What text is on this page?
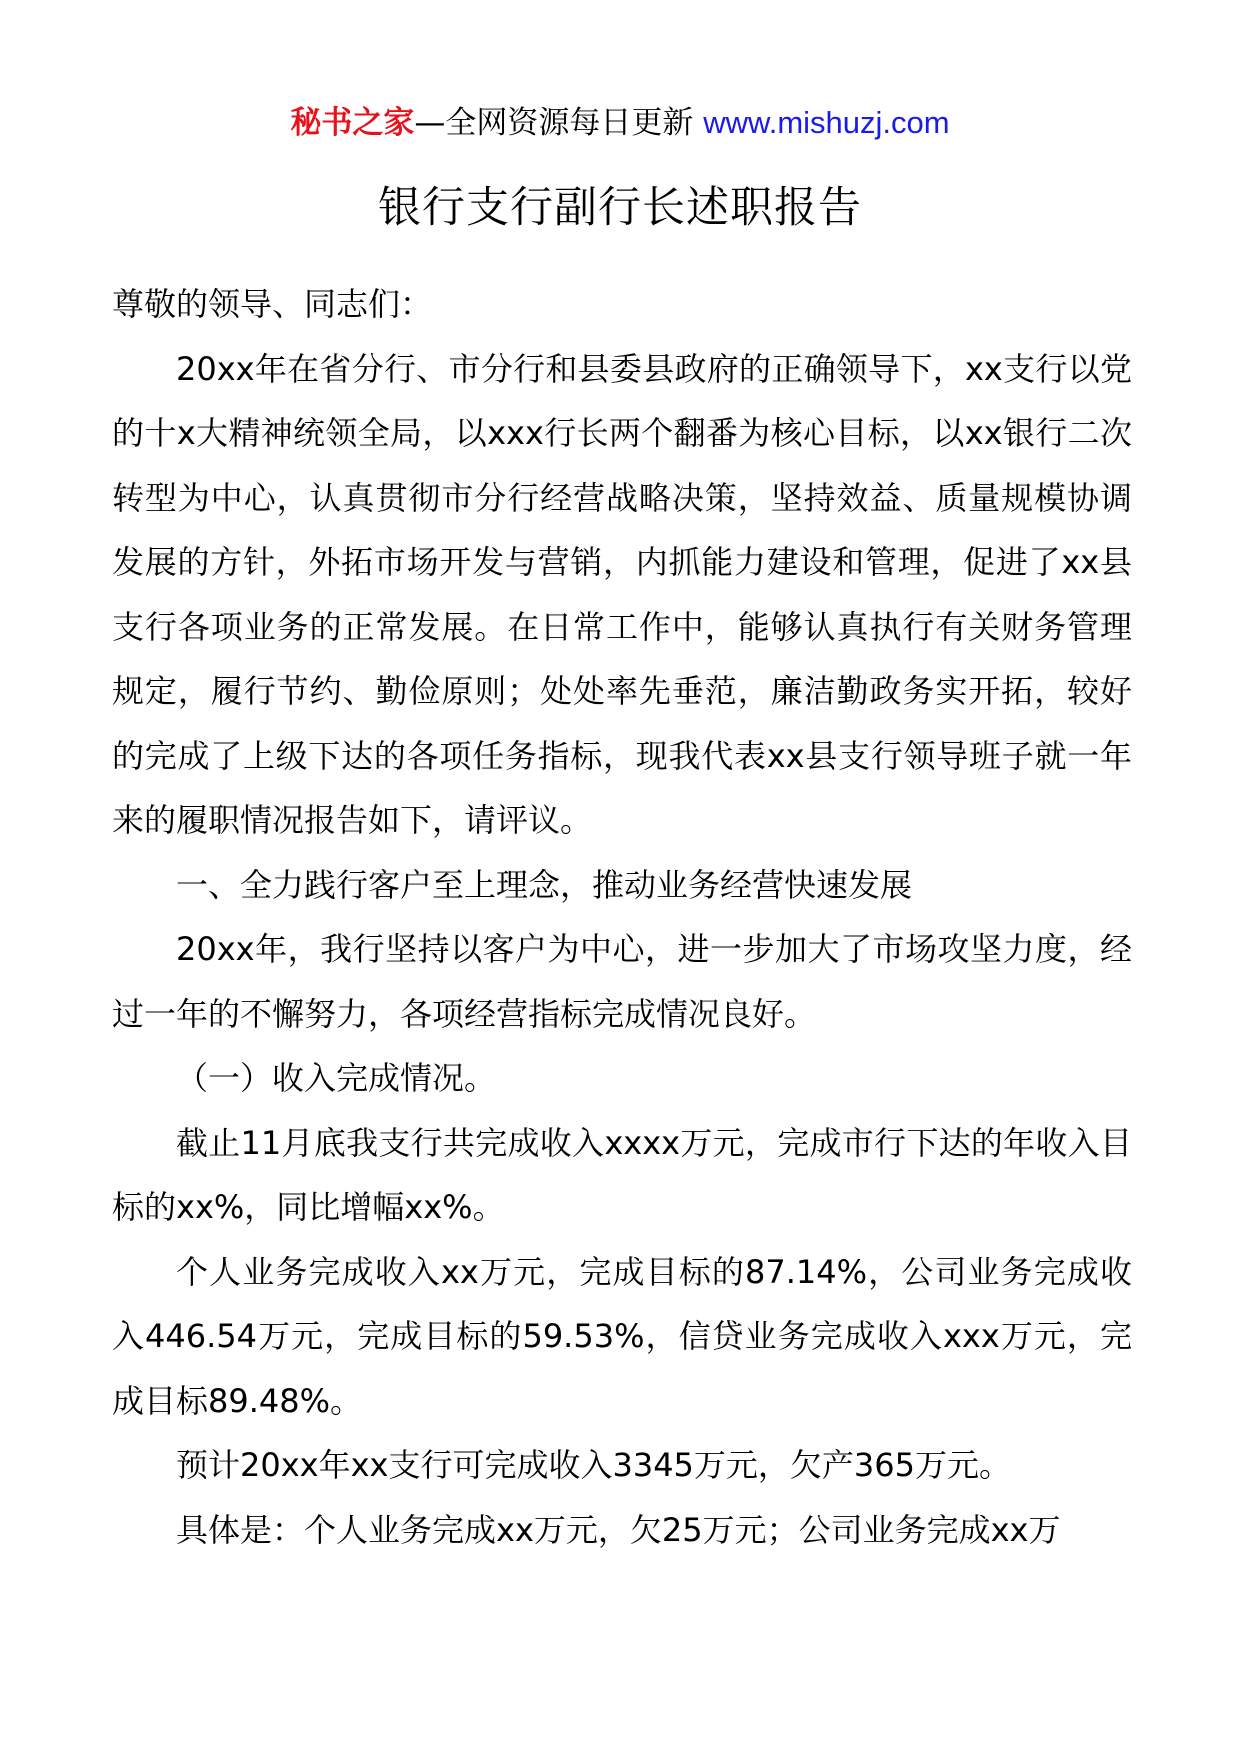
秘书之家—全网资源每日更新 www.mishuzj.com
银行支行副行长述职报告

尊敬的领导、同志们：

20xx年在省分行、市分行和县委县政府的正确领导下，xx支行以党的十x大精神统领全局，以xxx行长两个翻番为核心目标，以xx银行二次转型为中心，认真贯彻市分行经营战略决策，坚持效益、质量规模协调发展的方针，外拓市场开发与营销，内抓能力建设和管理，促进了xx县支行各项业务的正常发展。在日常工作中，能够认真执行有关财务管理规定，履行节约、勤俭原则；处处率先垂范，廉洁勤政务实开拓，较好的完成了上级下达的各项任务指标，现我代表xx县支行领导班子就一年来的履职情况报告如下，请评议。

一、全力践行客户至上理念，推动业务经营快速发展

20xx年，我行坚持以客户为中心，进一步加大了市场攻坚力度，经过一年的不懈努力，各项经营指标完成情况良好。

（一）收入完成情况。

截止11月底我支行共完成收入xxxx万元，完成市行下达的年收入目标的xx%，同比增幅xx%。

个人业务完成收入xx万元，完成目标的87.14%，公司业务完成收入446.54万元，完成目标的59.53%，信贷业务完成收入xxx万元，完成目标89.48%。

预计20xx年xx支行可完成收入3345万元，欠产365万元。

具体是：个人业务完成xx万元，欠25万元；公司业务完成xx万
